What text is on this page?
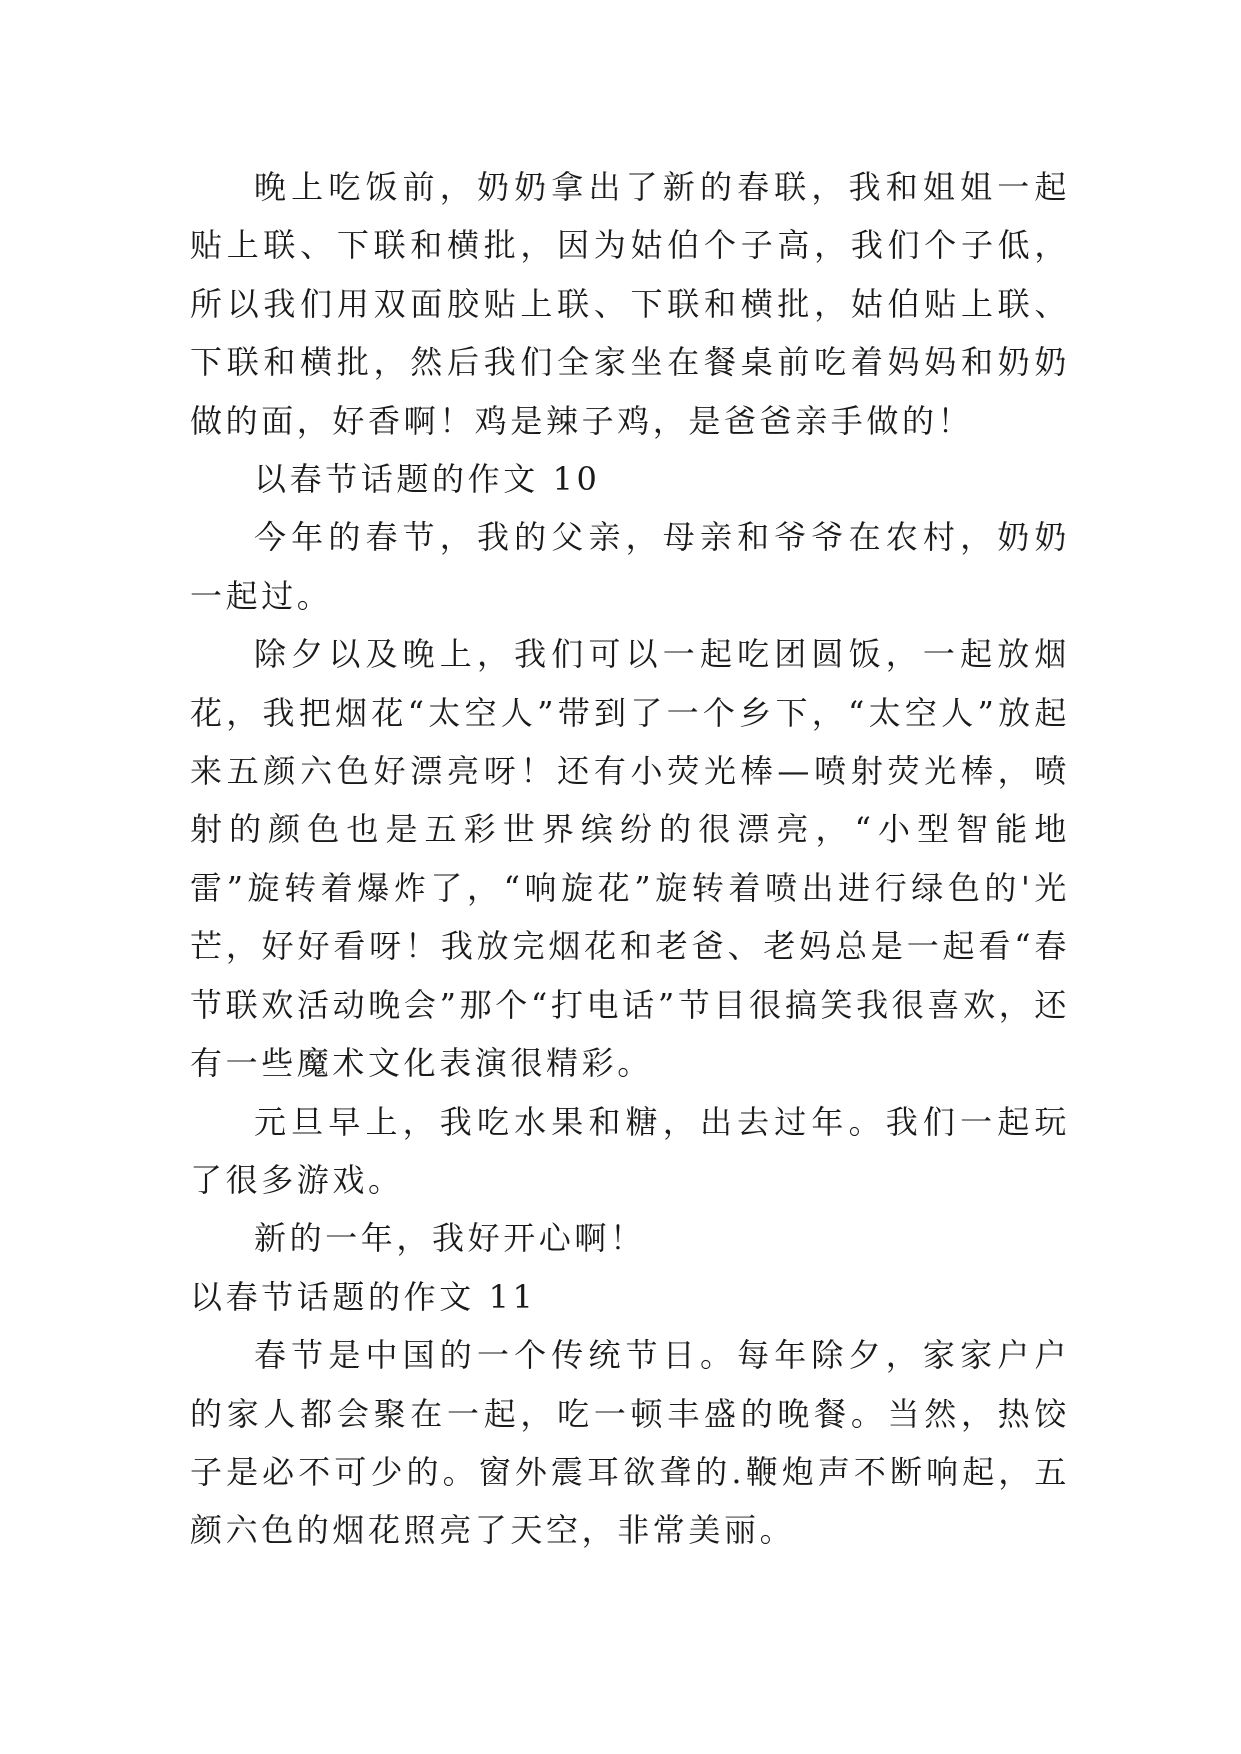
晚上吃饭前，奶奶拿出了新的春联，我和姐姐一起贴上联、下联和横批，因为姑伯个子高，我们个子低，所以我们用双面胶贴上联、下联和横批，姑伯贴上联、下联和横批，然后我们全家坐在餐桌前吃着妈妈和奶奶做的面，好香啊！鸡是辣子鸡，是爸爸亲手做的！

以春节话题的作文 10

今年的春节，我的父亲，母亲和爷爷在农村，奶奶一起过。

除夕以及晚上，我们可以一起吃团圆饭，一起放烟花，我把烟花“太空人”带到了一个乡下，“太空人”放起来五颜六色好漂亮呀！还有小荧光棒—喷射荧光棒，喷射的颜色也是五彩世界缤纷的很漂亮，“小型智能地雷”旋转着爆炸了，“响旋花”旋转着喷出进行绿色的'光芒，好好看呀！我放完烟花和老爸、老妈总是一起看“春节联欢活动晚会”那个“打电话”节目很搞笑我很喜欢，还有一些魔术文化表演很精彩。

元旦早上，我吃水果和糖，出去过年。我们一起玩了很多游戏。

新的一年，我好开心啊！

以春节话题的作文 11

春节是中国的一个传统节日。每年除夕，家家户户的家人都会聚在一起，吃一顿丰盛的晚餐。当然，热饺子是必不可少的。窗外震耳欲聋的.鞭炮声不断响起，五颜六色的烟花照亮了天空，非常美丽。
